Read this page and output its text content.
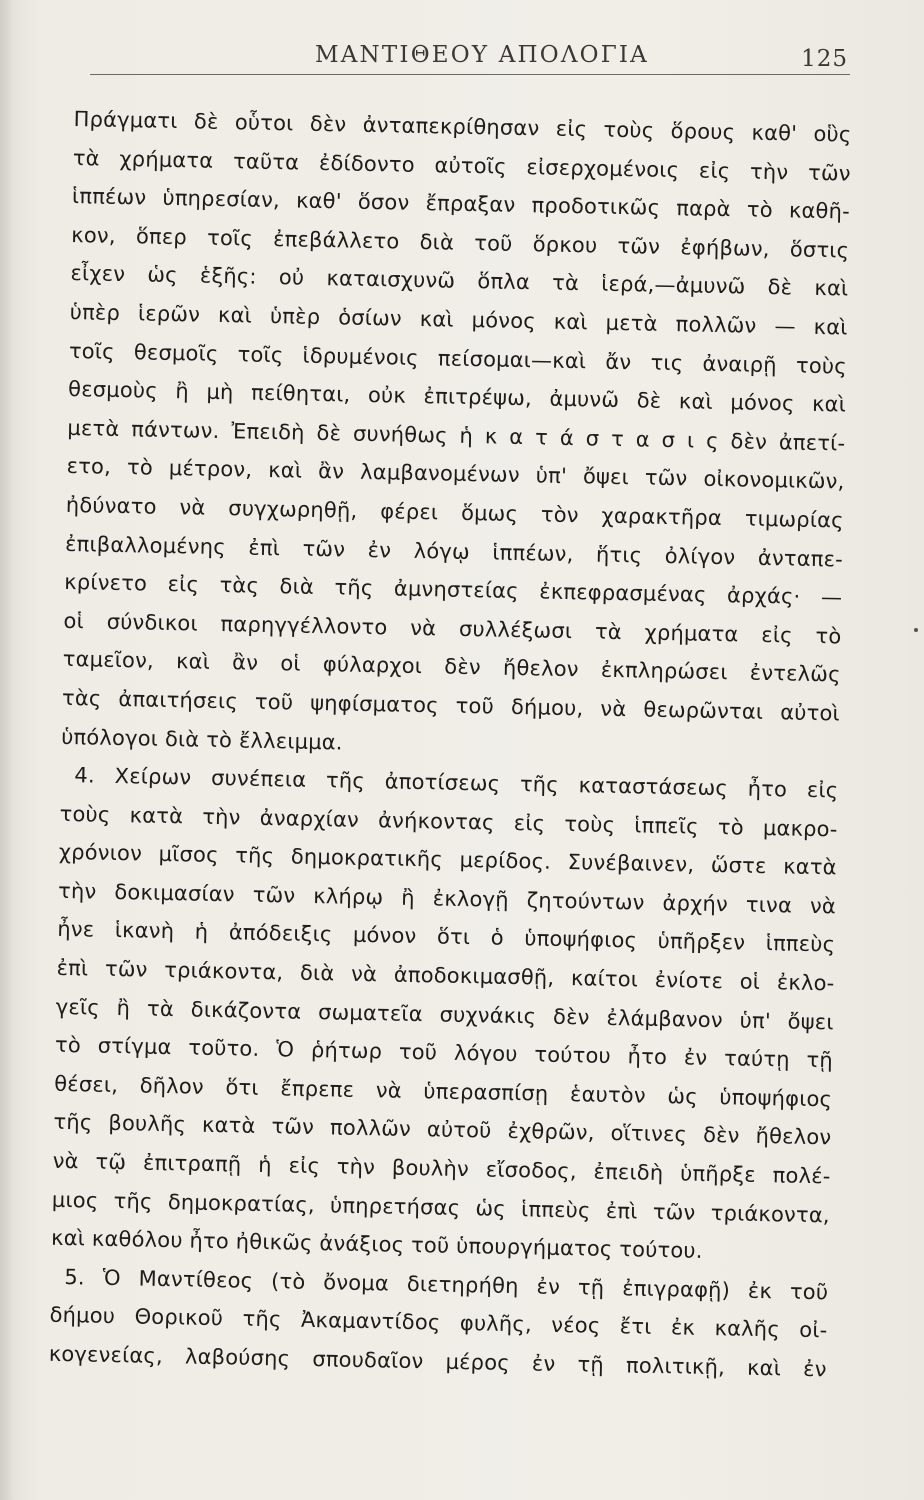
ΜΑΝΤΙΘΕΟΥ ΑΠΟΛΟΓΙΑ	125
Πράγματι δὲ οὗτοι δὲν ἀνταπεκρίθησαν εἰς τοὺς ὅρους καθ' οὓς
τὰ χρήματα ταῦτα ἐδίδοντο αὐτοῖς εἰσερχομένοις εἰς τὴν τῶν
ἱππέων ὑπηρεσίαν, καθ' ὅσον ἔπραξαν προδοτικῶς παρὰ τὸ καθῆ-
κον, ὅπερ τοῖς ἐπεβάλλετο διὰ τοῦ ὅρκου τῶν ἐφήβων, ὅστις
εἶχεν ὡς ἑξῆς: οὐ καταισχυνῶ ὅπλα τὰ ἱερά,—ἀμυνῶ δὲ καὶ
ὑπὲρ ἱερῶν καὶ ὑπὲρ ὁσίων καὶ μόνος καὶ μετὰ πολλῶν — καὶ
τοῖς θεσμοῖς τοῖς ἱδρυμένοις πείσομαι—καὶ ἄν τις ἀναιρῇ τοὺς
θεσμοὺς ἢ μὴ πείθηται, οὐκ ἐπιτρέψω, ἀμυνῶ δὲ καὶ μόνος καὶ
μετὰ πάντων. Ἐπειδὴ δὲ συνήθως ἡ κ α τ ά σ τ α σ ι ς δὲν ἀπετί-
ετο, τὸ μέτρον, καὶ ἂν λαμβανομένων ὑπ' ὄψει τῶν οἰκονομικῶν,
ἠδύνατο νὰ συγχωρηθῇ, φέρει ὅμως τὸν χαρακτῆρα τιμωρίας
ἐπιβαλλομένης ἐπὶ τῶν ἐν λόγῳ ἱππέων, ἥτις ὀλίγον ἀνταπε-
κρίνετο εἰς τὰς διὰ τῆς ἀμνηστείας ἐκπεφρασμένας ἀρχάς· —
οἱ σύνδικοι παρηγγέλλοντο νὰ συλλέξωσι τὰ χρήματα εἰς τὸ
ταμεῖον, καὶ ἂν οἱ φύλαρχοι δὲν ἤθελον ἐκπληρώσει ἐντελῶς
τὰς ἀπαιτήσεις τοῦ ψηφίσματος τοῦ δήμου, νὰ θεωρῶνται αὐτοὶ
ὑπόλογοι διὰ τὸ ἔλλειμμα.
4. Χείρων συνέπεια τῆς ἀποτίσεως τῆς καταστάσεως ἦτο εἰς
τοὺς κατὰ τὴν ἀναρχίαν ἀνήκοντας εἰς τοὺς ἱππεῖς τὸ μακρο-
χρόνιον μῖσος τῆς δημοκρατικῆς μερίδος. Συνέβαινεν, ὥστε κατὰ
τὴν δοκιμασίαν τῶν κλήρῳ ἢ ἐκλογῇ ζητούντων ἀρχήν τινα νὰ
ἦνε ἱκανὴ ἡ ἀπόδειξις μόνον ὅτι ὁ ὑποψήφιος ὑπῆρξεν ἱππεὺς
ἐπὶ τῶν τριάκοντα, διὰ νὰ ἀποδοκιμασθῇ, καίτοι ἐνίοτε οἱ ἐκλο-
γεῖς ἢ τὰ δικάζοντα σωματεῖα συχνάκις δὲν ἐλάμβανον ὑπ' ὄψει
τὸ στίγμα τοῦτο. Ὁ ῥήτωρ τοῦ λόγου τούτου ἦτο ἐν ταύτῃ τῇ
θέσει, δῆλον ὅτι ἔπρεπε νὰ ὑπερασπίσῃ ἑαυτὸν ὡς ὑποψήφιος
τῆς βουλῆς κατὰ τῶν πολλῶν αὐτοῦ ἐχθρῶν, οἵτινες δὲν ἤθελον
νὰ τῷ ἐπιτραπῇ ἡ εἰς τὴν βουλὴν εἴσοδος, ἐπειδὴ ὑπῆρξε πολέ-
μιος τῆς δημοκρατίας, ὑπηρετήσας ὡς ἱππεὺς ἐπὶ τῶν τριάκοντα,
καὶ καθόλου ἦτο ἠθικῶς ἀνάξιος τοῦ ὑπουργήματος τούτου.
5. Ὁ Μαντίθεος (τὸ ὄνομα διετηρήθη ἐν τῇ ἐπιγραφῇ) ἐκ τοῦ
δήμου Θορικοῦ τῆς Ἀκαμαντίδος φυλῆς, νέος ἔτι ἐκ καλῆς οἰ-
κογενείας, λαβούσης σπουδαῖον μέρος ἐν τῇ πολιτικῇ, καὶ ἐν
